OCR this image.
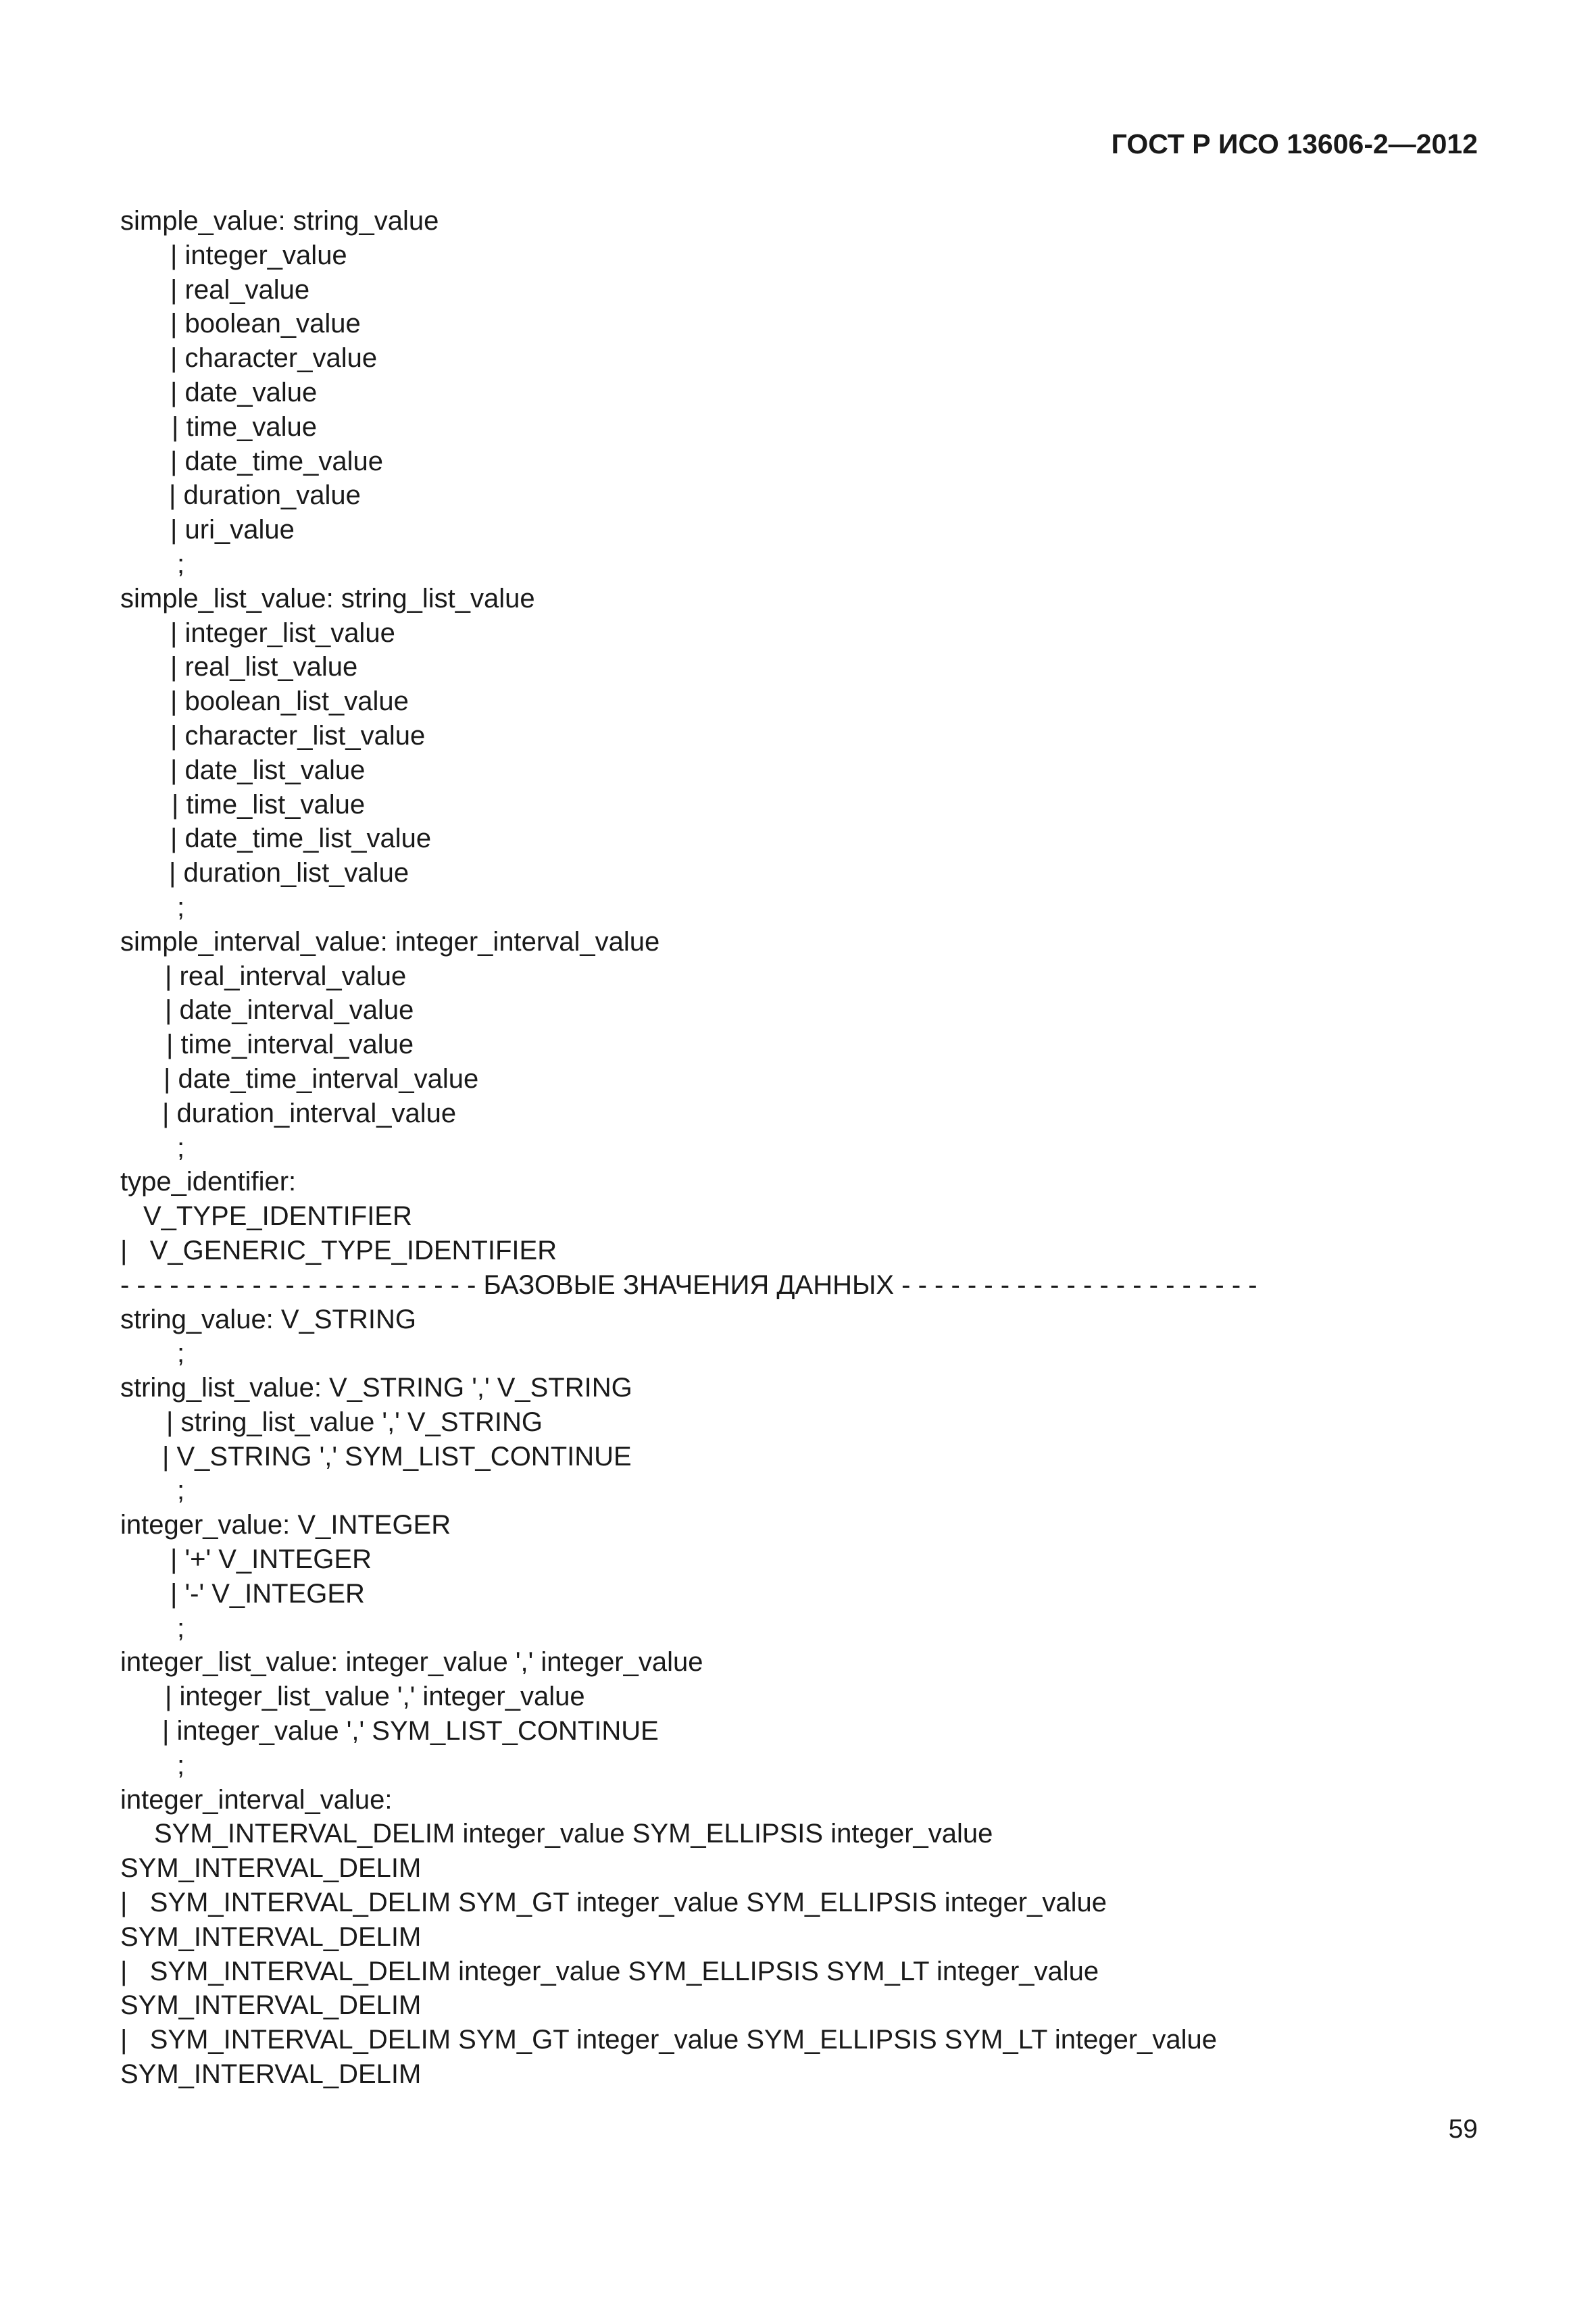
ГОСТ Р ИСО 13606-2—2012
simple_value: string_value
| integer_value
| real_value
| boolean_value
| character_value
| date_value
| time_value
| date_time_value
| duration_value
| uri_value
;
simple_list_value: string_list_value
| integer_list_value
| real_list_value
| boolean_list_value
| character_list_value
| date_list_value
| time_list_value
| date_time_list_value
| duration_list_value
;
simple_interval_value: integer_interval_value
| real_interval_value
| date_interval_value
| time_interval_value
| date_time_interval_value
| duration_interval_value
;
type_identifier:
V_TYPE_IDENTIFIER
|   V_GENERIC_TYPE_IDENTIFIER
- - - - - - - - - - - - - - - - - - - - - - БАЗОВЫЕ ЗНАЧЕНИЯ ДАННЫХ - - - - - - - - - - - - - - - - - - - - - -
string_value: V_STRING
;
string_list_value: V_STRING ',' V_STRING
| string_list_value ',' V_STRING
| V_STRING ',' SYM_LIST_CONTINUE
;
integer_value: V_INTEGER
| '+' V_INTEGER
| '-' V_INTEGER
;
integer_list_value: integer_value ',' integer_value
| integer_list_value ',' integer_value
| integer_value ',' SYM_LIST_CONTINUE
;
integer_interval_value:
SYM_INTERVAL_DELIM integer_value SYM_ELLIPSIS integer_value
SYM_INTERVAL_DELIM
|   SYM_INTERVAL_DELIM SYM_GT integer_value SYM_ELLIPSIS integer_value
SYM_INTERVAL_DELIM
|   SYM_INTERVAL_DELIM integer_value SYM_ELLIPSIS SYM_LT integer_value
SYM_INTERVAL_DELIM
|   SYM_INTERVAL_DELIM SYM_GT integer_value SYM_ELLIPSIS SYM_LT integer_value
SYM_INTERVAL_DELIM
59
